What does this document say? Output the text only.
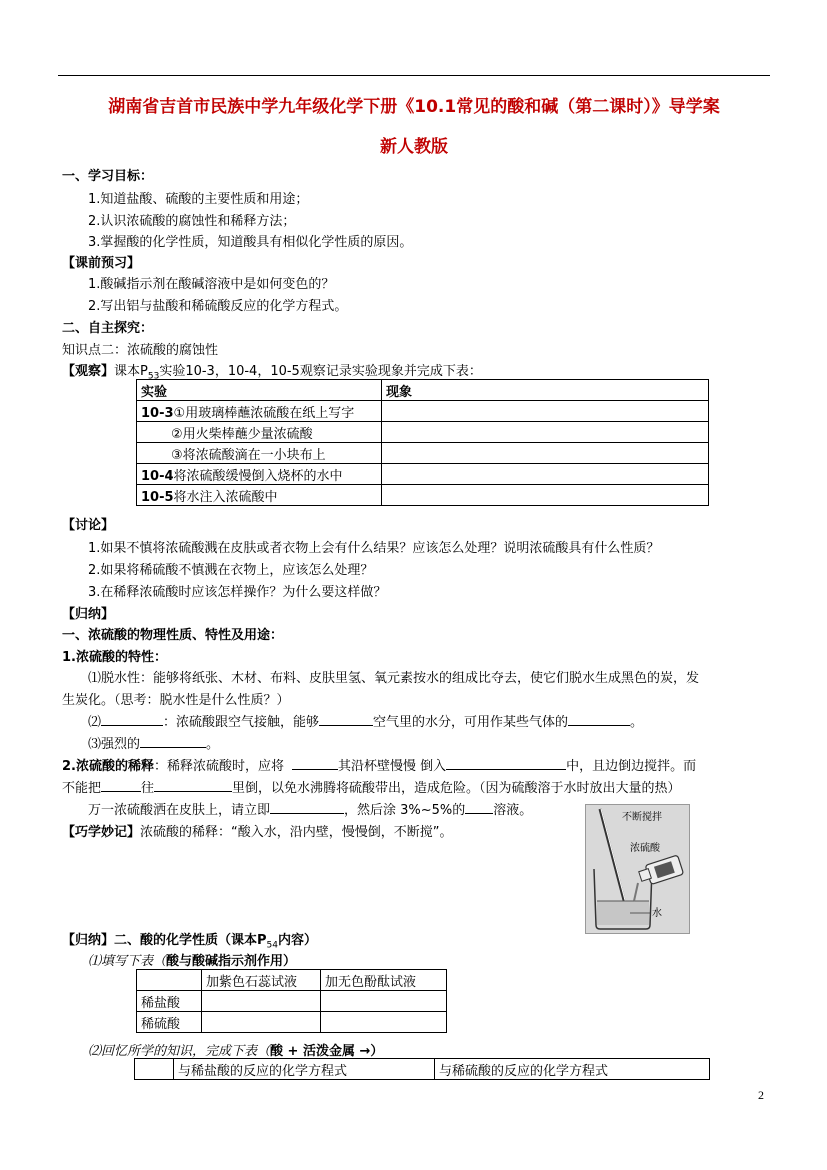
湖南省吉首市民族中学九年级化学下册《10.1常见的酸和碱（第二课时）》导学案
新人教版
一、学习目标：
1.知道盐酸、硫酸的主要性质和用途；
2.认识浓硫酸的腐蚀性和稀释方法；
3.掌握酸的化学性质，知道酸具有相似化学性质的原因。
【课前预习】
1.酸碱指示剂在酸碱溶液中是如何变色的？
2.写出铝与盐酸和稀硫酸反应的化学方程式。
二、自主探究：
知识点二：浓硫酸的腐蚀性
【观察】课本$P_{53}$实验10-3，10-4，10-5观察记录实验现象并完成下表：
实验	现象
10-3①用玻璃棒蘸浓硫酸在纸上写字	
②用火柴棒蘸少量浓硫酸	
③将浓硫酸滴在一小块布上	
10-4将浓硫酸缓慢倒入烧杯的水中	
10-5将水注入浓硫酸中	
【讨论】
1.如果不慎将浓硫酸溅在皮肤或者衣物上会有什么结果？应该怎么处理？说明浓硫酸具有什么性质？
2.如果将稀硫酸不慎溅在衣物上，应该怎么处理？
3.在稀释浓硫酸时应该怎样操作？为什么要这样做？
【归纳】
一、浓硫酸的物理性质、特性及用途：
1.浓硫酸的特性：
⑴脱水性：能够将纸张、木材、布料、皮肤里氢、氧元素按水的组成比夺去，使它们脱水生成黑色的炭，发
生炭化。（思考：脱水性是什么性质？）
⑵	：浓硫酸跟空气接触，能够	空气里的水分，可用作某些气体的	。
⑶强烈的	。
2.浓硫酸的稀释：稀释浓硫酸时，应将	其沿杯壁慢慢 倒入	中，且边倒边搅拌。而
不能把	往	里倒，以免水沸腾将硫酸带出，造成危险。（因为硫酸溶于水时放出大量的热）
万一浓硫酸洒在皮肤上，请立即	，然后涂 3%~5%的 溶液。
【巧学妙记】浓硫酸的稀释：“酸入水，沿内壁，慢慢倒，不断搅”。
不断搅拌
浓硫酸
水
【归纳】二、酸的化学性质（课本$P_{54}$内容）
⑴填写下表（酸与酸碱指示剂作用）
	加紫色石蕊试液	加无色酚酞试液
稀盐酸		
稀硫酸		
⑵回忆所学的知识，完成下表（酸 + 活泼金属 →）
	与稀盐酸的反应的化学方程式	与稀硫酸的反应的化学方程式
2
